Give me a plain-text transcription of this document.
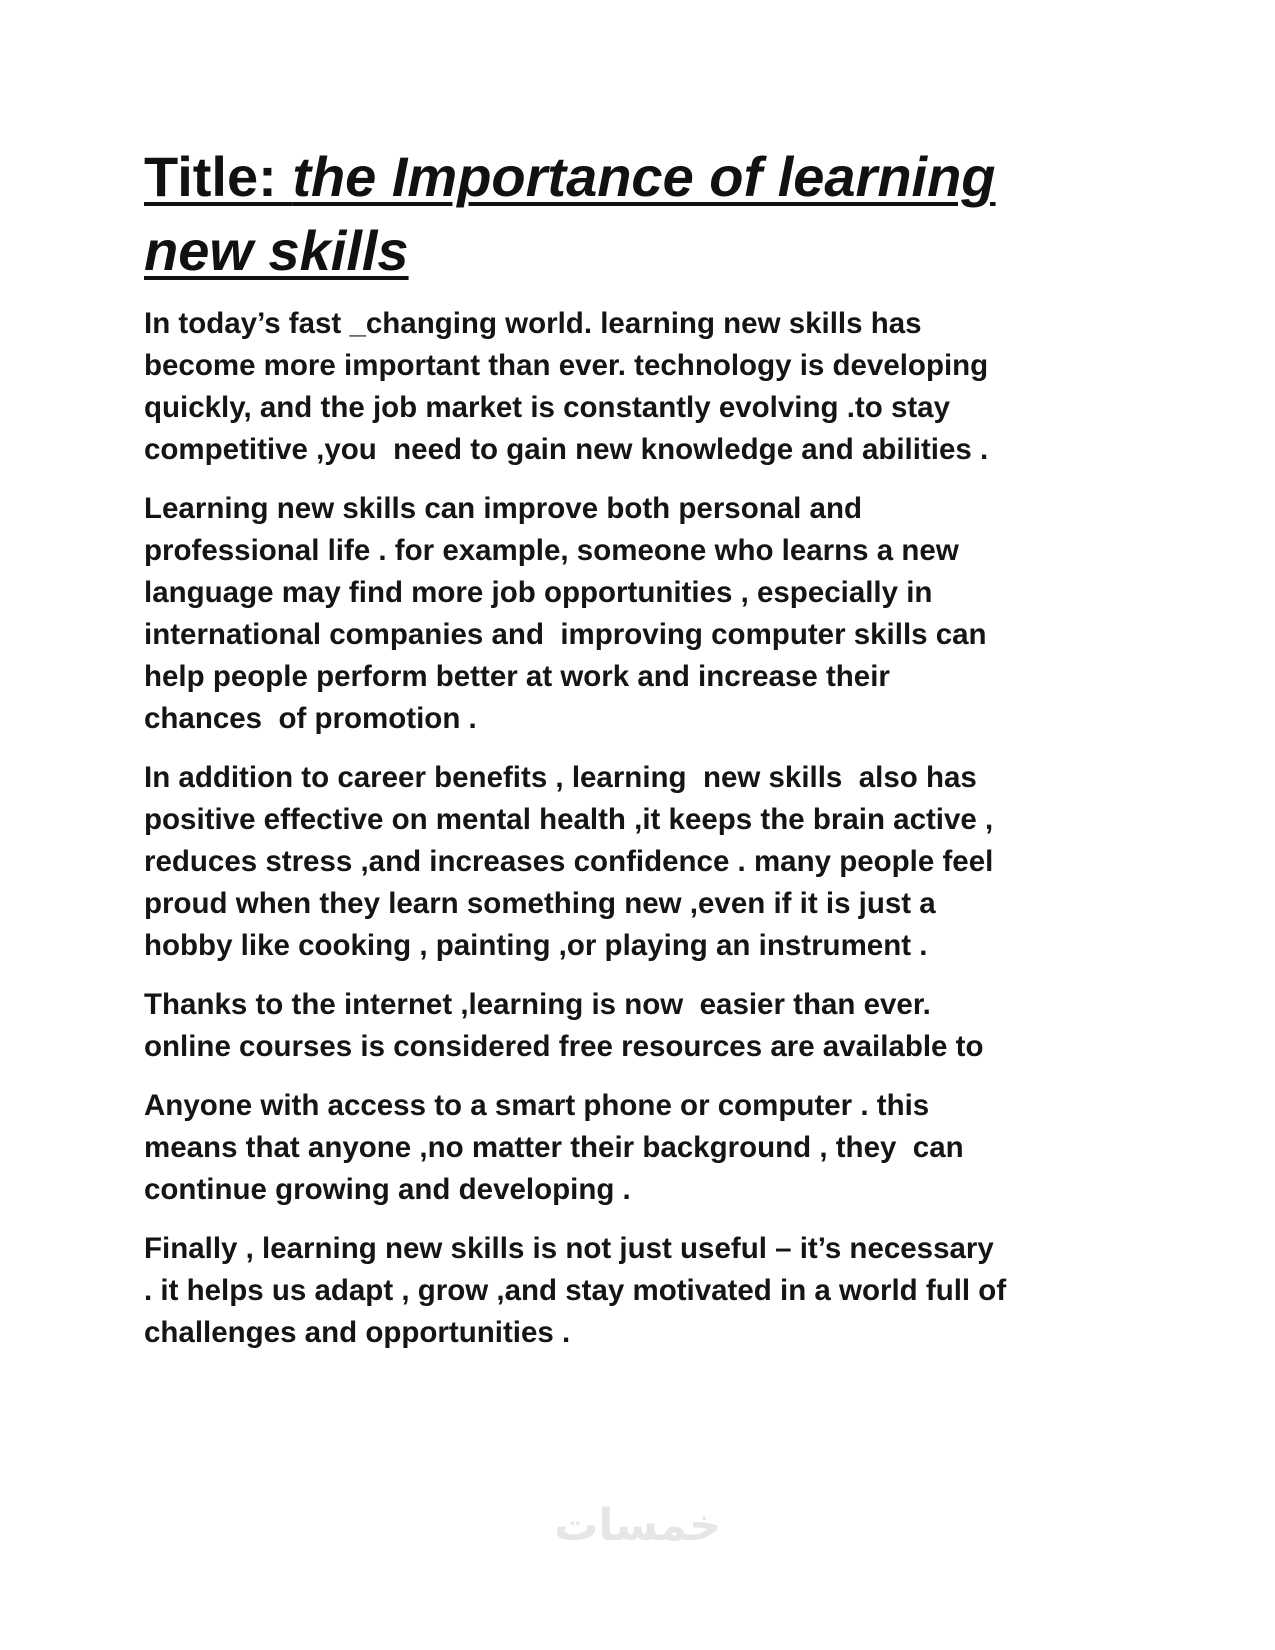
Title: the Importance of learning new skills

In today’s fast _changing world. learning new skills has
become more important than ever. technology is developing
quickly, and the job market is constantly evolving .to stay
competitive ,you  need to gain new knowledge and abilities .

Learning new skills can improve both personal and
professional life . for example, someone who learns a new
language may find more job opportunities , especially in
international companies and  improving computer skills can
help people perform better at work and increase their
chances  of promotion .

In addition to career benefits , learning  new skills  also has
positive effective on mental health ,it keeps the brain active ,
reduces stress ,and increases confidence . many people feel
proud when they learn something new ,even if it is just a
hobby like cooking , painting ,or playing an instrument .

Thanks to the internet ,learning is now  easier than ever.
online courses is considered free resources are available to

Anyone with access to a smart phone or computer . this
means that anyone ,no matter their background , they  can
continue growing and developing .

Finally , learning new skills is not just useful – it’s necessary
. it helps us adapt , grow ,and stay motivated in a world full of
challenges and opportunities .

خمسات
